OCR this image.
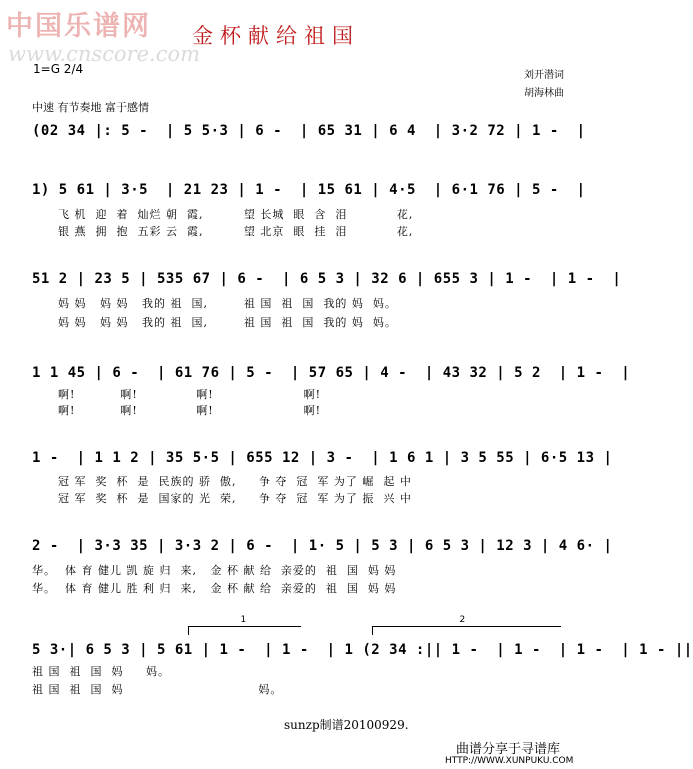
中国乐谱网
www.cnscore.com
金杯献给祖国
1=G 2/4	刘开潜词
胡海林曲
中速 有节奏地 富于感情
(02 34 |: 5 -  | 5 5·3 | 6 -  | 65 31 | 6 4  | 3·2 72 | 1 -  |
1) 5 61 | 3·5  | 21 23 | 1 -  | 15 61 | 4·5  | 6·1 76 | 5 -  |
飞 机  迎  着  灿烂 朝  霞,         望 长城  眼  含  泪           花,
银 燕  拥  抱  五彩 云  霞,         望 北京  眼  挂  泪           花,
51 2 | 23 5 | 535 67 | 6 -  | 6 5 3 | 32 6 | 655 3 | 1 -  | 1 -  |
妈 妈   妈 妈   我的 祖  国,        祖 国  祖  国  我的 妈  妈。
妈 妈   妈 妈   我的 祖  国,        祖 国  祖  国  我的 妈  妈。
1 1 45 | 6 -  | 61 76 | 5 -  | 57 65 | 4 -  | 43 32 | 5 2  | 1 -  |
啊!          啊!             啊!                    啊!
啊!          啊!             啊!                    啊!
1 -  | 1 1 2 | 35 5·5 | 655 12 | 3 -  | 1 6 1 | 3 5 55 | 6·5 13 |
冠 军  奖  杯  是  民族的 骄  傲,     争 夺  冠  军 为了 崛  起 中
冠 军  奖  杯  是  国家的 光  荣,     争 夺  冠  军 为了 振  兴 中
2 -  | 3·3 35 | 3·3 2 | 6 -  | 1· 5 | 5 3 | 6 5 3 | 12 3 | 4 6· |
华。  体 育 健儿 凯 旋 归  来,   金 杯 献 给  亲爱的  祖  国  妈 妈
华。  体 育 健儿 胜 利 归  来,   金 杯 献 给  亲爱的  祖  国  妈 妈
1	2
5 3·| 6 5 3 | 5 61 | 1 -  | 1 -  | 1 (2 34 :|| 1 -  | 1 -  | 1 -  | 1 - ||
祖 国  祖  国  妈     妈。
祖 国  祖  国  妈                              妈。
sunzp制谱20100929.
曲谱分享于寻谱库
HTTP://WWW.XUNPUKU.COM
